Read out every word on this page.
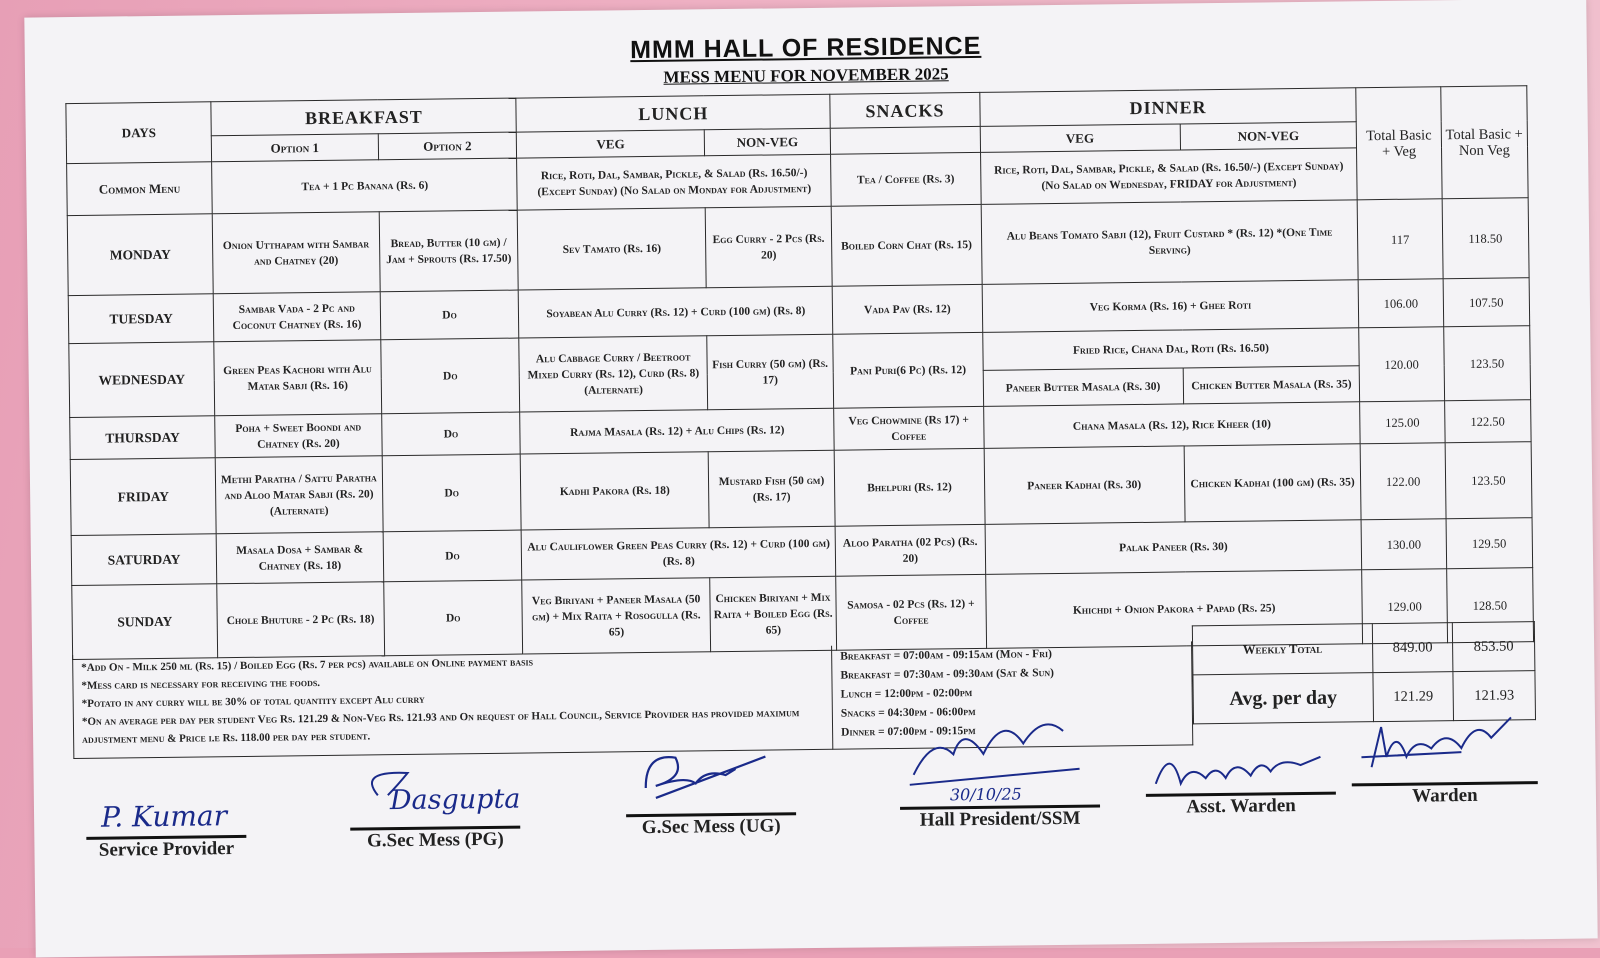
MMM HALL OF RESIDENCE
MESS MENU FOR NOVEMBER 2025
DAYS	BREAKFAST		LUNCH		SNACKS	DINNER		Total Basic + Veg	Total Basic + Non Veg
	Option 1	Option 2	VEG	NON-VEG		VEG	NON-VEG		
Common Menu	Tea + 1 Pc Banana (Rs. 6)		Rice, Roti, Dal, Sambar, Pickle, & Salad (Rs. 16.50/-) (Except Sunday) (No Salad on Monday for Adjustment)		Tea / Coffee (Rs. 3)	Rice, Roti, Dal, Sambar, Pickle, & Salad (Rs. 16.50/-) (Except Sunday) (No Salad on Wednesday, FRIDAY for Adjustment)			
MONDAY	Onion Utthapam with Sambar and Chatney (20)	Bread, Butter (10 gm) / Jam + Sprouts (Rs. 17.50)	Sev Tamato (Rs. 16)	Egg Curry - 2 Pcs (Rs. 20)	Boiled Corn Chat (Rs. 15)	Alu Beans Tomato Sabji (12), Fruit Custard * (Rs. 12) *(One Time Serving)		117	118.50
TUESDAY	Sambar Vada - 2 Pc and Coconut Chatney (Rs. 16)	Do	Soyabean Alu Curry (Rs. 12) + Curd (100 gm) (Rs. 8)		Vada Pav (Rs. 12)	Veg Korma (Rs. 16) + Ghee Roti		106.00	107.50
WEDNESDAY	Green Peas Kachori with Alu Matar Sabji (Rs. 16)	Do	Alu Cabbage Curry / Beetroot Mixed Curry (Rs. 12), Curd (Rs. 8) (Alternate)	Fish Curry (50 gm) (Rs. 17)	Pani Puri(6 Pc) (Rs. 12)	Fried Rice, Chana Dal, Roti (Rs. 16.50)		120.00	123.50
						Paneer Butter Masala (Rs. 30)	Chicken Butter Masala (Rs. 35)		
THURSDAY	Poha + Sweet Boondi and Chatney (Rs. 20)	Do	Rajma Masala (Rs. 12) + Alu Chips (Rs. 12)		Veg Chowmine (Rs 17) + Coffee	Chana Masala (Rs. 12), Rice Kheer (10)		125.00	122.50
FRIDAY	Methi Paratha / Sattu Paratha and Aloo Matar Sabji (Rs. 20) (Alternate)	Do	Kadhi Pakora (Rs. 18)	Mustard Fish (50 gm) (Rs. 17)	Bhelpuri (Rs. 12)	Paneer Kadhai (Rs. 30)	Chicken Kadhai (100 gm) (Rs. 35)	122.00	123.50
SATURDAY	Masala Dosa + Sambar & Chatney (Rs. 18)	Do	Alu Cauliflower Green Peas Curry (Rs. 12) + Curd (100 gm) (Rs. 8)		Aloo Paratha (02 Pcs) (Rs. 20)	Palak Paneer (Rs. 30)		130.00	129.50
SUNDAY	Chole Bhuture - 2 Pc (Rs. 18)	Do	Veg Biriyani + Paneer Masala (50 gm) + Mix Raita + Rosogulla (Rs. 65)	Chicken Biriyani + Mix Raita + Boiled Egg (Rs. 65)	Samosa - 02 Pcs (Rs. 12) + Coffee	Khichdi + Onion Pakora + Papad (Rs. 25)		129.00	128.50
*Add On - Milk 250 ml (Rs. 15) / Boiled Egg (Rs. 7 per pcs) available on Online payment basis
*Mess card is necessary for receiving the foods.
*Potato in any curry will be 30% of total quantity except Alu curry
*On an average per day per student Veg Rs. 121.29 & Non-Veg Rs. 121.93 and On request of Hall Council, Service Provider has provided maximum adjustment menu & Price i.e Rs. 118.00 per day per student.
Breakfast = 07:00am - 09:15am (Mon - Fri)
Breakfast = 07:30am - 09:30am (Sat & Sun)
Lunch = 12:00pm - 02:00pm
Snacks = 04:30pm - 06:00pm
Dinner = 07:00pm - 09:15pm
Weekly Total	849.00	853.50
Avg. per day	121.29	121.93
P. Kumar
Service Provider
Dasgupta
G.Sec Mess (PG)
G.Sec Mess (UG)
30/10/25
Hall President/SSM
Asst. Warden	Warden
